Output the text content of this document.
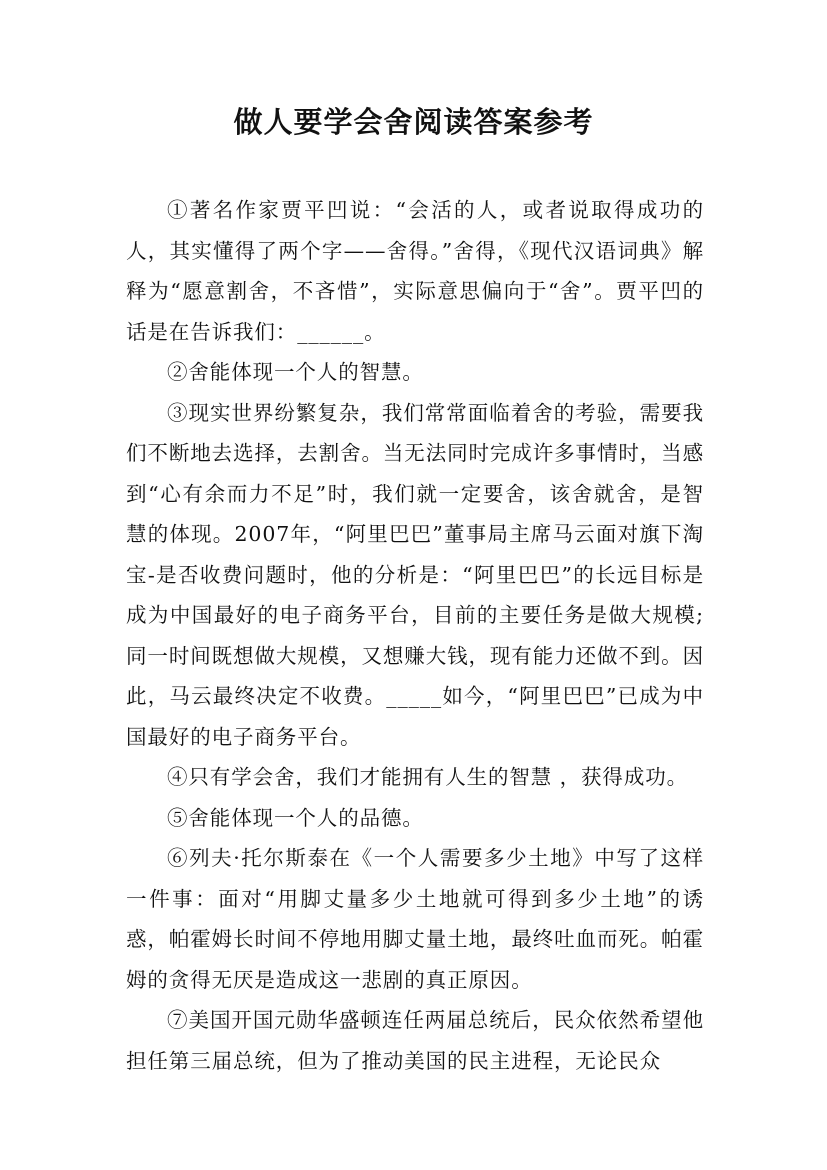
做人要学会舍阅读答案参考

①著名作家贾平凹说：“会活的人，或者说取得成功的人，其实懂得了两个字——舍得。”舍得，《现代汉语词典》解释为“愿意割舍，不吝惜”，实际意思偏向于“舍”。贾平凹的话是在告诉我们：______。

②舍能体现一个人的智慧。

③现实世界纷繁复杂，我们常常面临着舍的考验，需要我们不断地去选择，去割舍。当无法同时完成许多事情时，当感到“心有余而力不足”时，我们就一定要舍，该舍就舍，是智慧的体现。2007年，“阿里巴巴”董事局主席马云面对旗下淘宝-是否收费问题时，他的分析是：“阿里巴巴”的长远目标是成为中国最好的电子商务平台，目前的主要任务是做大规模;同一时间既想做大规模，又想赚大钱，现有能力还做不到。因此，马云最终决定不收费。_____如今，“阿里巴巴”已成为中国最好的电子商务平台。

④只有学会舍，我们才能拥有人生的智慧 ，获得成功。

⑤舍能体现一个人的品德。

⑥列夫·托尔斯泰在《一个人需要多少土地》中写了这样一件事：面对“用脚丈量多少土地就可得到多少土地”的诱惑，帕霍姆长时间不停地用脚丈量土地，最终吐血而死。帕霍姆的贪得无厌是造成这一悲剧的真正原因。

⑦美国开国元勋华盛顿连任两届总统后，民众依然希望他担任第三届总统，但为了推动美国的民主进程，无论民众
